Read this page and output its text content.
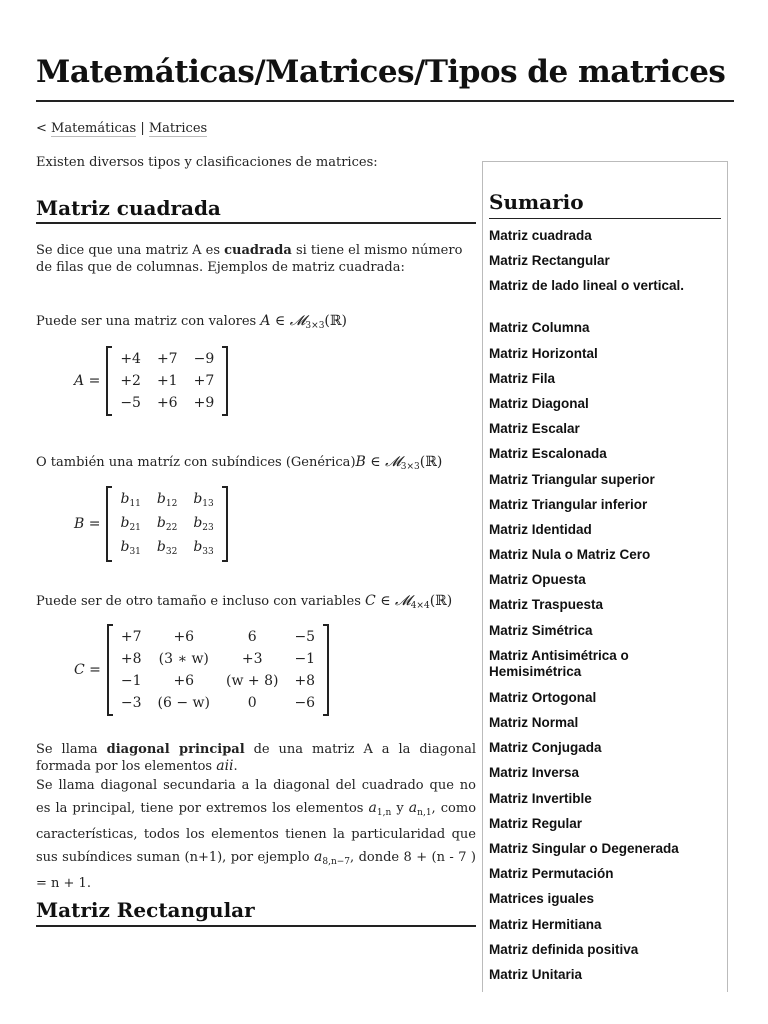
Matemáticas/Matrices/Tipos de matrices
< Matemáticas | Matrices

Existen diversos tipos y clasificaciones de matrices:

Matriz cuadrada

Se dice que una matriz A es cuadrada si tiene el mismo número de filas que de columnas. Ejemplos de matriz cuadrada:

Puede ser una matriz con valores A ∈ 𝓜$_{3\times 3}$(ℝ)

A =
+4	+7	−9
+2	+1	+7
−5	+6	+9

O también una matríz con subíndices (Genérica)B ∈ 𝓜$_{3\times 3}$(ℝ)

B =
$b_{11}$	$b_{12}$	$b_{13}$
$b_{21}$	$b_{22}$	$b_{23}$
$b_{31}$	$b_{32}$	$b_{33}$

Puede ser de otro tamaño e incluso con variables C ∈ 𝓜$_{4\times 4}$(ℝ)

C =
+7	+6	6	−5
+8	(3 ∗ w)	+3	−1
−1	+6	(w + 8)	+8
−3	(6 − w)	0	−6

Se llama diagonal principal de una matriz A a la diagonal formada por los elementos aii.

Se llama diagonal secundaria a la diagonal del cuadrado que no es la principal, tiene por extremos los elementos $a_{1,n}$ y $a_{n,1}$, como características, todos los elementos tienen la particularidad que sus subíndices suman (n+1), por ejemplo $a_{8,n-7}$, donde 8 + (n - 7 ) = n + 1.

Matriz Rectangular
Sumario
Matriz cuadrada
Matriz Rectangular
Matriz de lado lineal o vertical.
Matriz Columna
Matriz Horizontal
Matriz Fila
Matriz Diagonal
Matriz Escalar
Matriz Escalonada
Matriz Triangular superior
Matriz Triangular inferior
Matriz Identidad
Matriz Nula o Matriz Cero
Matriz Opuesta
Matriz Traspuesta
Matriz Simétrica
Matriz Antisimétrica o Hemisimétrica
Matriz Ortogonal
Matriz Normal
Matriz Conjugada
Matriz Inversa
Matriz Invertible
Matriz Regular
Matriz Singular o Degenerada
Matriz Permutación
Matrices iguales
Matriz Hermitiana
Matriz definida positiva
Matriz Unitaria
